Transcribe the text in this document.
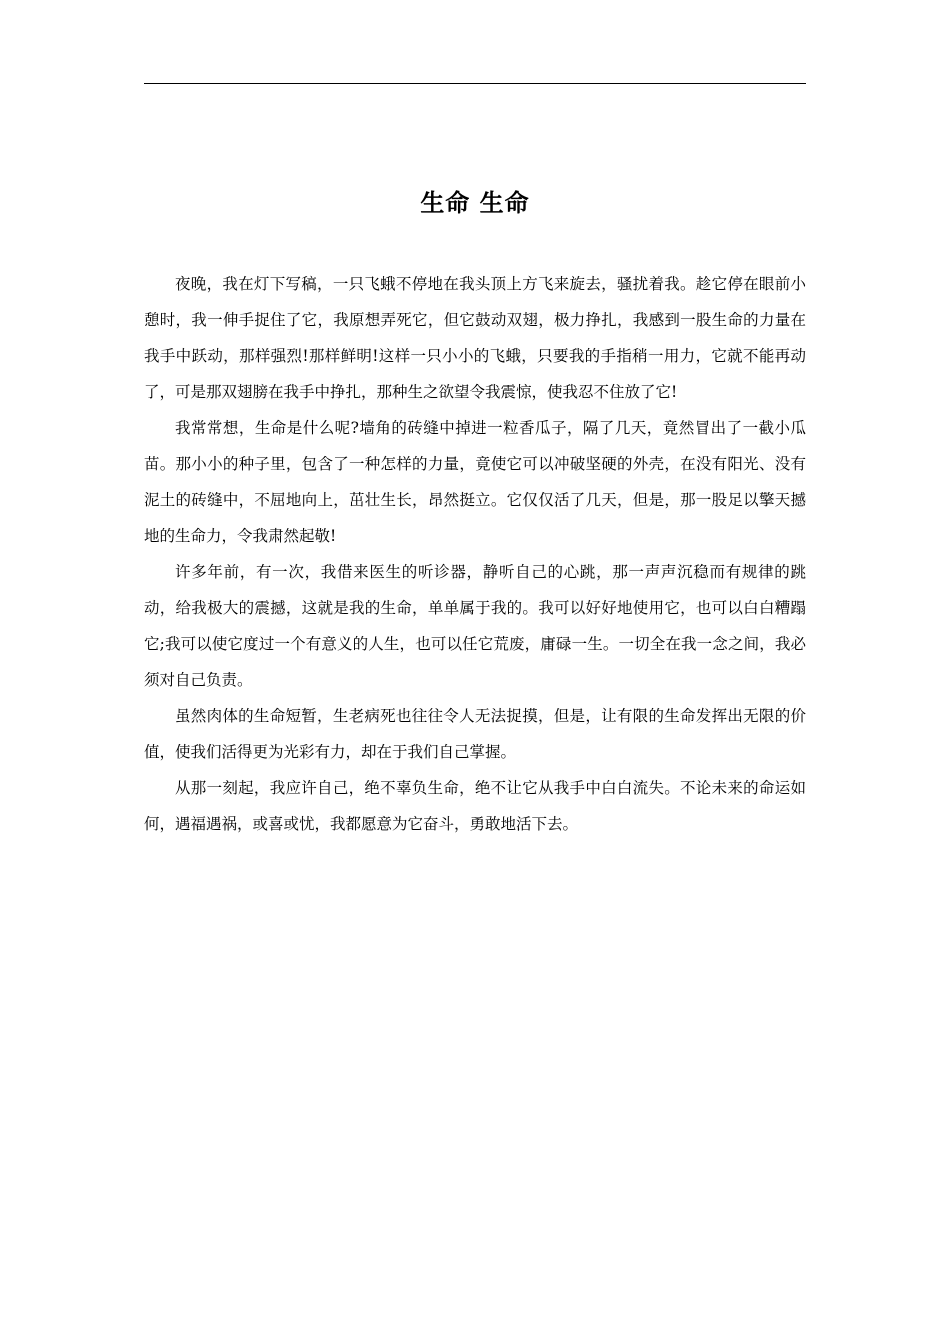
生命 生命

夜晚，我在灯下写稿，一只飞蛾不停地在我头顶上方飞来旋去，骚扰着我。趁它停在眼前小憩时，我一伸手捉住了它，我原想弄死它，但它鼓动双翅，极力挣扎，我感到一股生命的力量在我手中跃动，那样强烈!那样鲜明!这样一只小小的飞蛾，只要我的手指稍一用力，它就不能再动了，可是那双翅膀在我手中挣扎，那种生之欲望令我震惊，使我忍不住放了它!

我常常想，生命是什么呢?墙角的砖缝中掉进一粒香瓜子，隔了几天，竟然冒出了一截小瓜苗。那小小的种子里，包含了一种怎样的力量，竟使它可以冲破坚硬的外壳，在没有阳光、没有泥土的砖缝中，不屈地向上，茁壮生长，昂然挺立。它仅仅活了几天，但是，那一股足以擎天撼地的生命力，令我肃然起敬!

许多年前，有一次，我借来医生的听诊器，静听自己的心跳，那一声声沉稳而有规律的跳动，给我极大的震撼，这就是我的生命，单单属于我的。我可以好好地使用它，也可以白白糟蹋它;我可以使它度过一个有意义的人生，也可以任它荒废，庸碌一生。一切全在我一念之间，我必须对自己负责。

虽然肉体的生命短暂，生老病死也往往令人无法捉摸，但是，让有限的生命发挥出无限的价值，使我们活得更为光彩有力，却在于我们自己掌握。

从那一刻起，我应许自己，绝不辜负生命，绝不让它从我手中白白流失。不论未来的命运如何，遇福遇祸，或喜或忧，我都愿意为它奋斗，勇敢地活下去。
